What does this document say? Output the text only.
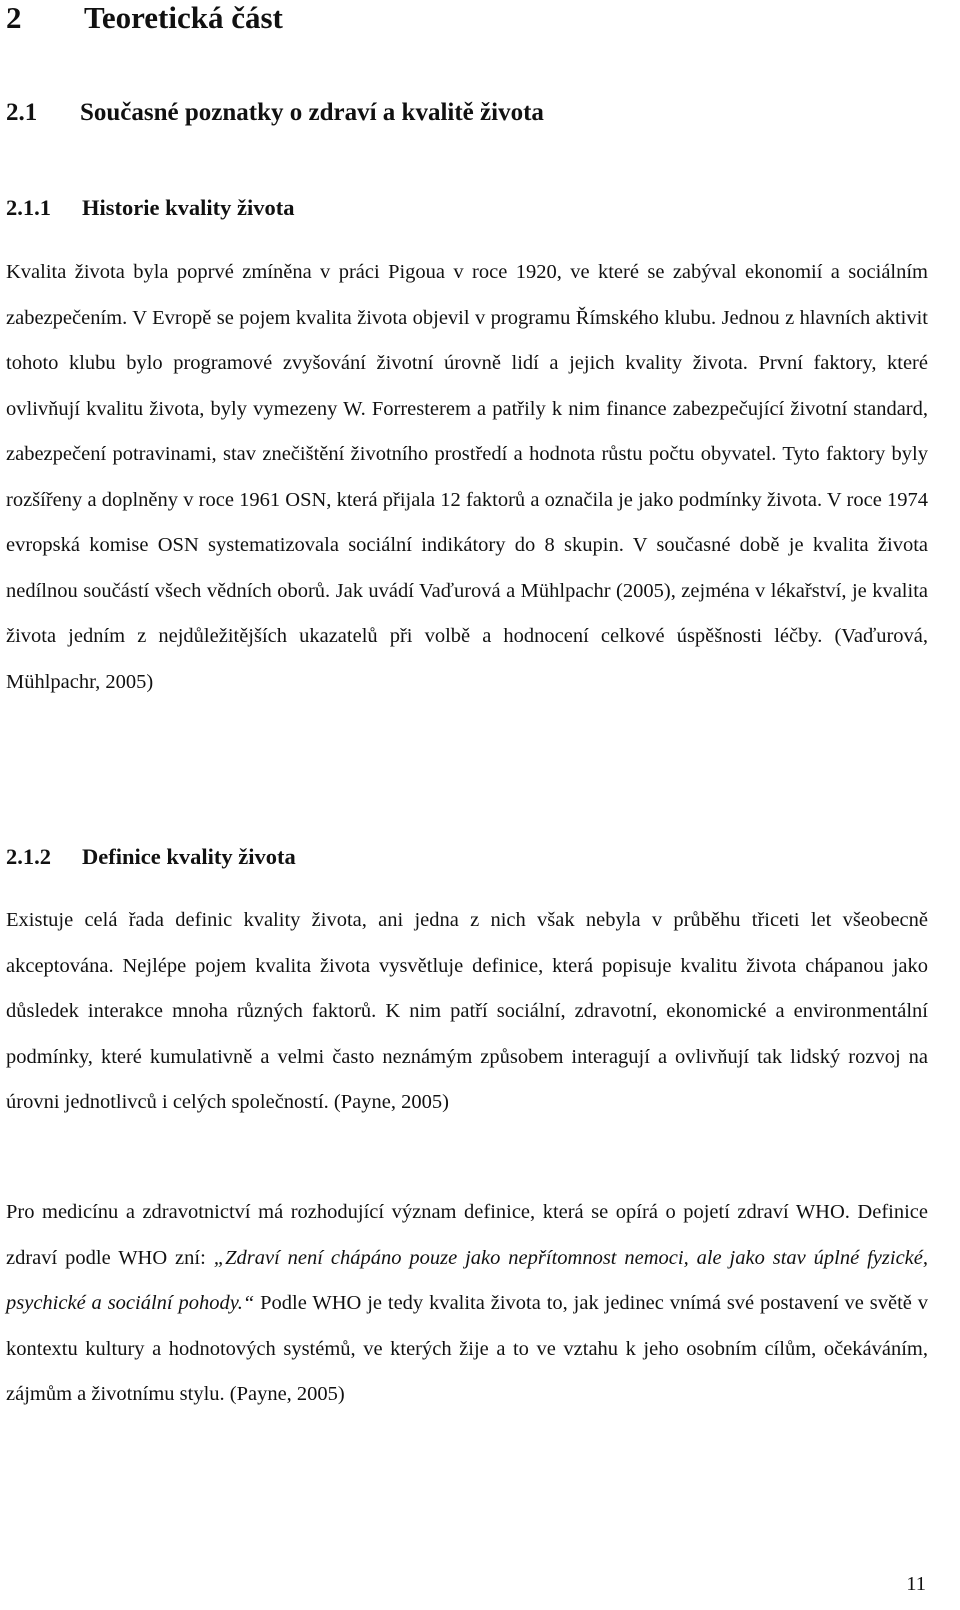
2 Teoretická část
2.1 Současné poznatky o zdraví a kvalitě života
2.1.1 Historie kvality života

Kvalita života byla poprvé zmíněna v práci Pigoua v roce 1920, ve které se zabýval ekonomií a sociálním zabezpečením. V Evropě se pojem kvalita života objevil v programu Římského klubu. Jednou z hlavních aktivit tohoto klubu bylo programové zvyšování životní úrovně lidí a jejich kvality života. První faktory, které ovlivňují kvalitu života, byly vymezeny W. Forresterem a patřily k nim finance zabezpečující životní standard, zabezpečení potravinami, stav znečištění životního prostředí a hodnota růstu počtu obyvatel. Tyto faktory byly rozšířeny a doplněny v roce 1961 OSN, která přijala 12 faktorů a označila je jako podmínky života. V roce 1974 evropská komise OSN systematizovala sociální indikátory do 8 skupin. V současné době je kvalita života nedílnou součástí všech vědních oborů. Jak uvádí Vaďurová a Mühlpachr (2005), zejména v lékařství, je kvalita života jedním z nejdůležitějších ukazatelů při volbě a hodnocení celkové úspěšnosti léčby. (Vaďurová, Mühlpachr, 2005)

2.1.2 Definice kvality života

Existuje celá řada definic kvality života, ani jedna z nich však nebyla v průběhu třiceti let všeobecně akceptována. Nejlépe pojem kvalita života vysvětluje definice, která popisuje kvalitu života chápanou jako důsledek interakce mnoha různých faktorů. K nim patří sociální, zdravotní, ekonomické a environmentální podmínky, které kumulativně a velmi často neznámým způsobem interagují a ovlivňují tak lidský rozvoj na úrovni jednotlivců i celých společností. (Payne, 2005)

Pro medicínu a zdravotnictví má rozhodující význam definice, která se opírá o pojetí zdraví WHO. Definice zdraví podle WHO zní: „Zdraví není chápáno pouze jako nepřítomnost nemoci, ale jako stav úplné fyzické, psychické a sociální pohody.“ Podle WHO je tedy kvalita života to, jak jedinec vnímá své postavení ve světě v kontextu kultury a hodnotových systémů, ve kterých žije a to ve vztahu k jeho osobním cílům, očekáváním, zájmům a životnímu stylu. (Payne, 2005)

11
